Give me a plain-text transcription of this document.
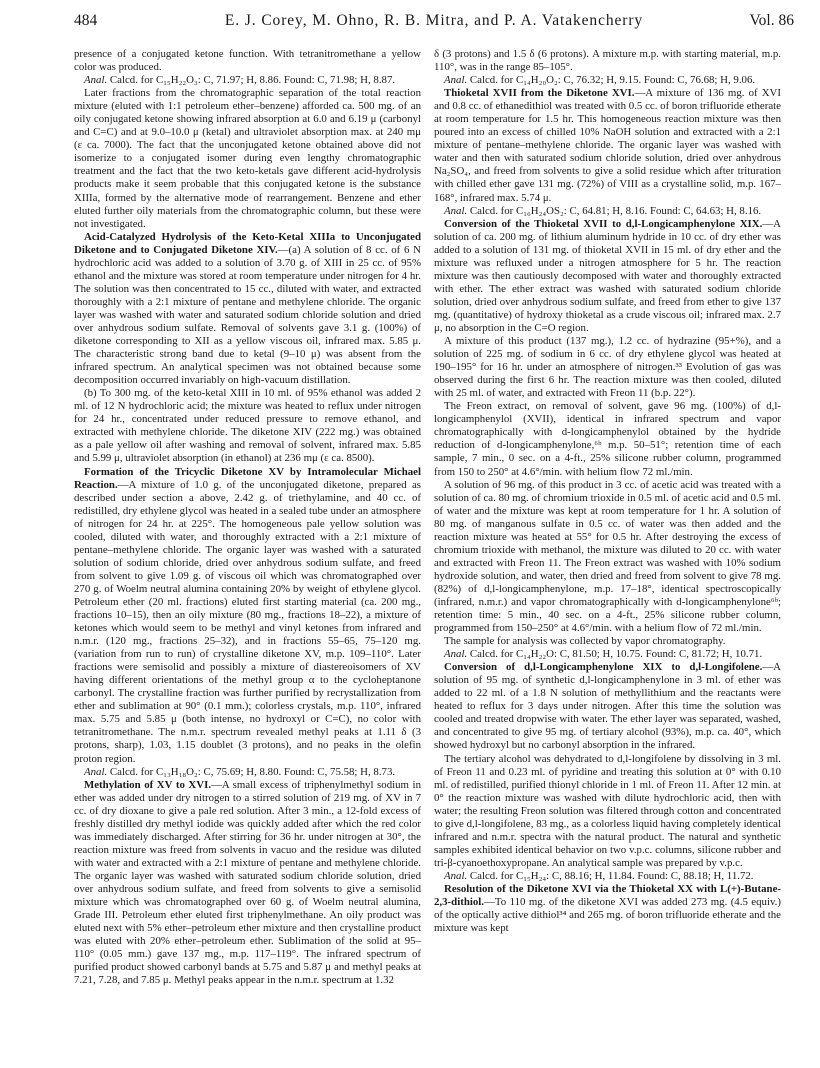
484	E. J. Corey, M. Ohno, R. B. Mitra, and P. A. Vatakencherry	Vol. 86

presence of a conjugated ketone function. With tetranitromethane a yellow color was produced.

Anal. Calcd. for C₁₅H₂₂O₃: C, 71.97; H, 8.86. Found: C, 71.98; H, 8.87.

Later fractions from the chromatographic separation of the total reaction mixture (eluted with 1:1 petroleum ether–benzene) afforded ca. 500 mg. of an oily conjugated ketone showing infrared absorption at 6.0 and 6.19 μ (carbonyl and C=C) and at 9.0–10.0 μ (ketal) and ultraviolet absorption max. at 240 mμ (ε ca. 7000). The fact that the unconjugated ketone obtained above did not isomerize to a conjugated isomer during even lengthy chromatographic treatment and the fact that the two keto-ketals gave different acid-hydrolysis products make it seem probable that this conjugated ketone is the substance XIIIa, formed by the alternative mode of rearrangement. Benzene and ether eluted further oily materials from the chromatographic column, but these were not investigated.

Acid-Catalyzed Hydrolysis of the Keto-Ketal XIIIa to Unconjugated Diketone and to Conjugated Diketone XIV.—(a) A solution of 8 cc. of 6 N hydrochloric acid was added to a solution of 3.70 g. of XIII in 25 cc. of 95% ethanol and the mixture was stored at room temperature under nitrogen for 4 hr. The solution was then concentrated to 15 cc., diluted with water, and extracted thoroughly with a 2:1 mixture of pentane and methylene chloride. The organic layer was washed with water and saturated sodium chloride solution and dried over anhydrous sodium sulfate. Removal of solvents gave 3.1 g. (100%) of diketone corresponding to XII as a yellow viscous oil, infrared max. 5.85 μ. The characteristic strong band due to ketal (9–10 μ) was absent from the infrared spectrum. An analytical specimen was not obtained because some decomposition occurred invariably on high-vacuum distillation.

(b) To 300 mg. of the keto-ketal XIII in 10 ml. of 95% ethanol was added 2 ml. of 12 N hydrochloric acid; the mixture was heated to reflux under nitrogen for 24 hr., concentrated under reduced pressure to remove ethanol, and extracted with methylene chloride. The diketone XIV (222 mg.) was obtained as a pale yellow oil after washing and removal of solvent, infrared max. 5.85 and 5.99 μ, ultraviolet absorption (in ethanol) at 236 mμ (ε ca. 8500).

Formation of the Tricyclic Diketone XV by Intramolecular Michael Reaction.—A mixture of 1.0 g. of the unconjugated diketone, prepared as described under section a above, 2.42 g. of triethylamine, and 40 cc. of redistilled, dry ethylene glycol was heated in a sealed tube under an atmosphere of nitrogen for 24 hr. at 225°. The homogeneous pale yellow solution was cooled, diluted with water, and thoroughly extracted with a 2:1 mixture of pentane–methylene chloride. The organic layer was washed with a saturated solution of sodium chloride, dried over anhydrous sodium sulfate, and freed from solvent to give 1.09 g. of viscous oil which was chromatographed over 270 g. of Woelm neutral alumina containing 20% by weight of ethylene glycol. Petroleum ether (20 ml. fractions) eluted first starting material (ca. 200 mg., fractions 10–15), then an oily mixture (80 mg., fractions 18–22), a mixture of ketones which would seem to be methyl and vinyl ketones from infrared and n.m.r. (120 mg., fractions 25–32), and in fractions 55–65, 75–120 mg. (variation from run to run) of crystalline diketone XV, m.p. 109–110°. Later fractions were semisolid and possibly a mixture of diastereoisomers of XV having different orientations of the methyl group α to the cycloheptanone carbonyl. The crystalline fraction was further purified by recrystallization from ether and sublimation at 90° (0.1 mm.); colorless crystals, m.p. 110°, infrared max. 5.75 and 5.85 μ (both intense, no hydroxyl or C=C), no color with tetranitromethane. The n.m.r. spectrum revealed methyl peaks at 1.11 δ (3 protons, sharp), 1.03, 1.15 doublet (3 protons), and no peaks in the olefin proton region.

Anal. Calcd. for C₁₃H₁₈O₂: C, 75.69; H, 8.80. Found: C, 75.58; H, 8.73.

Methylation of XV to XVI.—A small excess of triphenylmethyl sodium in ether was added under dry nitrogen to a stirred solution of 219 mg. of XV in 7 cc. of dry dioxane to give a pale red solution. After 3 min., a 12-fold excess of freshly distilled dry methyl iodide was quickly added after which the red color was immediately discharged. After stirring for 36 hr. under nitrogen at 30°, the reaction mixture was freed from solvents in vacuo and the residue was diluted with water and extracted with a 2:1 mixture of pentane and methylene chloride. The organic layer was washed with saturated sodium chloride solution, dried over anhydrous sodium sulfate, and freed from solvents to give a semisolid mixture which was chromatographed over 60 g. of Woelm neutral alumina, Grade III. Petroleum ether eluted first triphenylmethane. An oily product was eluted next with 5% ether–petroleum ether mixture and then crystalline product was eluted with 20% ether–petroleum ether. Sublimation of the solid at 95–110° (0.05 mm.) gave 137 mg., m.p. 117–119°. The infrared spectrum of purified product showed carbonyl bands at 5.75 and 5.87 μ and methyl peaks at 7.21, 7.28, and 7.85 μ. Methyl peaks appear in the n.m.r. spectrum at 1.32

δ (3 protons) and 1.5 δ (6 protons). A mixture m.p. with starting material, m.p. 110°, was in the range 85–105°.

Anal. Calcd. for C₁₄H₂₀O₂: C, 76.32; H, 9.15. Found: C, 76.68; H, 9.06.

Thioketal XVII from the Diketone XVI.—A mixture of 136 mg. of XVI and 0.8 cc. of ethanedithiol was treated with 0.5 cc. of boron trifluoride etherate at room temperature for 1.5 hr. This homogeneous reaction mixture was then poured into an excess of chilled 10% NaOH solution and extracted with a 2:1 mixture of pentane–methylene chloride. The organic layer was washed with water and then with saturated sodium chloride solution, dried over anhydrous Na₂SO₄, and freed from solvents to give a solid residue which after trituration with chilled ether gave 131 mg. (72%) of VIII as a crystalline solid, m.p. 167–168°, infrared max. 5.74 μ.

Anal. Calcd. for C₁₆H₂₄OS₂: C, 64.81; H, 8.16. Found: C, 64.63; H, 8.16.

Conversion of the Thioketal XVII to d,l-Longicamphenylone XIX.—A solution of ca. 200 mg. of lithium aluminum hydride in 10 cc. of dry ether was added to a solution of 131 mg. of thioketal XVII in 15 ml. of dry ether and the mixture was refluxed under a nitrogen atmosphere for 5 hr. The reaction mixture was then cautiously decomposed with water and thoroughly extracted with ether. The ether extract was washed with saturated sodium chloride solution, dried over anhydrous sodium sulfate, and freed from ether to give 137 mg. (quantitative) of hydroxy thioketal as a crude viscous oil; infrared max. 2.7 μ, no absorption in the C=O region.

A mixture of this product (137 mg.), 1.2 cc. of hydrazine (95+%), and a solution of 225 mg. of sodium in 6 cc. of dry ethylene glycol was heated at 190–195° for 16 hr. under an atmosphere of nitrogen.³³ Evolution of gas was observed during the first 6 hr. The reaction mixture was then cooled, diluted with 25 ml. of water, and extracted with Freon 11 (b.p. 22°).

The Freon extract, on removal of solvent, gave 96 mg. (100%) of d,l-longicamphenylol (XVII), identical in infrared spectrum and vapor chromatographically with d-longicamphenylol obtained by the hydride reduction of d-longicamphenylone,⁶ᵇ m.p. 50–51°; retention time of each sample, 7 min., 0 sec. on a 4-ft., 25% silicone rubber column, programmed from 150 to 250° at 4.6°/min. with helium flow 72 ml./min.

A solution of 96 mg. of this product in 3 cc. of acetic acid was treated with a solution of ca. 80 mg. of chromium trioxide in 0.5 ml. of acetic acid and 0.5 ml. of water and the mixture was kept at room temperature for 1 hr. A solution of 80 mg. of manganous sulfate in 0.5 cc. of water was then added and the reaction mixture was heated at 55° for 0.5 hr. After destroying the excess of chromium trioxide with methanol, the mixture was diluted to 20 cc. with water and extracted with Freon 11. The Freon extract was washed with 10% sodium hydroxide solution, and water, then dried and freed from solvent to give 78 mg. (82%) of d,l-longicamphenylone, m.p. 17–18°, identical spectroscopically (infrared, n.m.r.) and vapor chromatographically with d-longicamphenylone⁶ᵇ; retention time: 5 min., 40 sec. on a 4-ft., 25% silicone rubber column, programmed from 150–250° at 4.6°/min. with a helium flow of 72 ml./min.

The sample for analysis was collected by vapor chromatography.

Anal. Calcd. for C₁₄H₂₂O: C, 81.50; H, 10.75. Found: C, 81.72; H, 10.71.

Conversion of d,l-Longicamphenylone XIX to d,l-Longifolene.—A solution of 95 mg. of synthetic d,l-longicamphenylone in 3 ml. of ether was added to 22 ml. of a 1.8 N solution of methyllithium and the reactants were heated to reflux for 3 days under nitrogen. After this time the solution was cooled and treated dropwise with water. The ether layer was separated, washed, and concentrated to give 95 mg. of tertiary alcohol (93%), m.p. ca. 40°, which showed hydroxyl but no carbonyl absorption in the infrared.

The tertiary alcohol was dehydrated to d,l-longifolene by dissolving in 3 ml. of Freon 11 and 0.23 ml. of pyridine and treating this solution at 0° with 0.10 ml. of redistilled, purified thionyl chloride in 1 ml. of Freon 11. After 12 min. at 0° the reaction mixture was washed with dilute hydrochloric acid, then with water; the resulting Freon solution was filtered through cotton and concentrated to give d,l-longifolene, 83 mg., as a colorless liquid having completely identical infrared and n.m.r. spectra with the natural product. The natural and synthetic samples exhibited identical behavior on two v.p.c. columns, silicone rubber and tri-β-cyanoethoxypropane. An analytical sample was prepared by v.p.c.

Anal. Calcd. for C₁₅H₂₄: C, 88.16; H, 11.84. Found: C, 88.18; H, 11.72.

Resolution of the Diketone XVI via the Thioketal XX with L(+)-Butane-2,3-dithiol.—To 110 mg. of the diketone XVI was added 273 mg. (4.5 equiv.) of the optically active dithiol³⁴ and 265 mg. of boron trifluoride etherate and the mixture was kept
